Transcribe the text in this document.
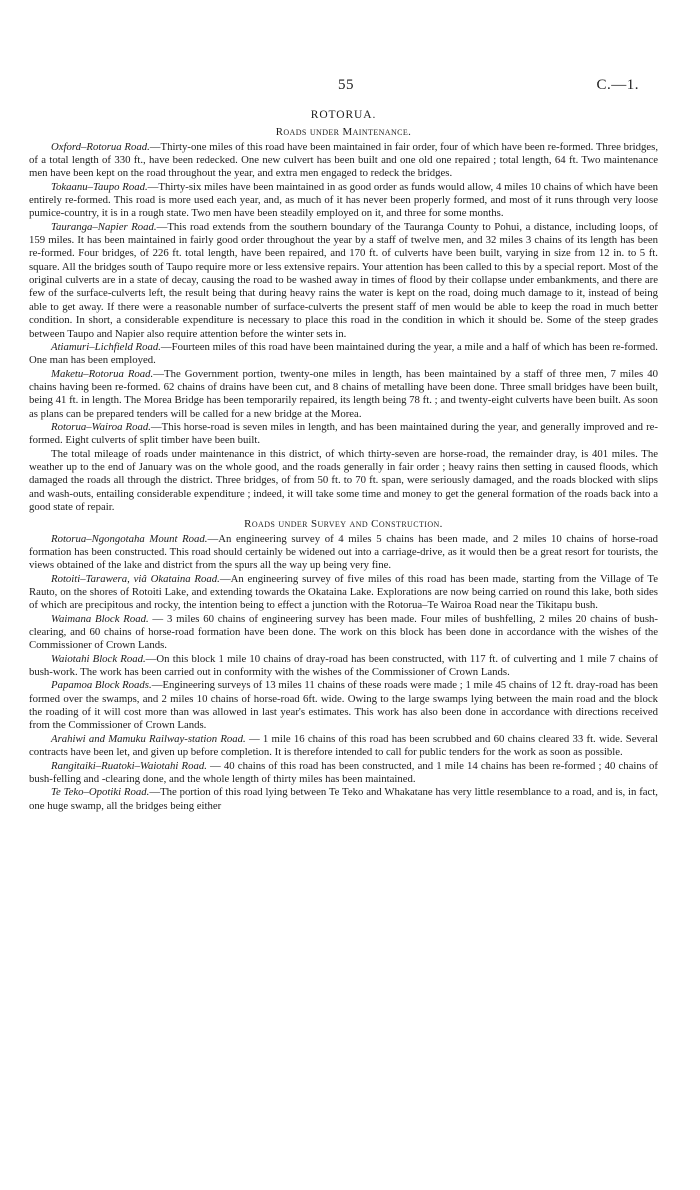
55	C.—1.
ROTORUA.
Roads under Maintenance.

Oxford–Rotorua Road.—Thirty-one miles of this road have been maintained in fair order, four of which have been re-formed. Three bridges, of a total length of 330 ft., have been redecked. One new culvert has been built and one old one repaired ; total length, 64 ft. Two maintenance men have been kept on the road throughout the year, and extra men engaged to redeck the bridges.

Tokaanu–Taupo Road.—Thirty-six miles have been maintained in as good order as funds would allow, 4 miles 10 chains of which have been entirely re-formed. This road is more used each year, and, as much of it has never been properly formed, and most of it runs through very loose pumice-country, it is in a rough state. Two men have been steadily employed on it, and three for some months.

Tauranga–Napier Road.—This road extends from the southern boundary of the Tauranga County to Pohui, a distance, including loops, of 159 miles. It has been maintained in fairly good order throughout the year by a staff of twelve men, and 32 miles 3 chains of its length has been re-formed. Four bridges, of 226 ft. total length, have been repaired, and 170 ft. of culverts have been built, varying in size from 12 in. to 5 ft. square. All the bridges south of Taupo require more or less extensive repairs. Your attention has been called to this by a special report. Most of the original culverts are in a state of decay, causing the road to be washed away in times of flood by their collapse under embankments, and there are few of the surface-culverts left, the result being that during heavy rains the water is kept on the road, doing much damage to it, instead of being able to get away. If there were a reasonable number of surface-culverts the present staff of men would be able to keep the road in much better condition. In short, a considerable expenditure is necessary to place this road in the condition in which it should be. Some of the steep grades between Taupo and Napier also require attention before the winter sets in.

Atiamuri–Lichfield Road.—Fourteen miles of this road have been maintained during the year, a mile and a half of which has been re-formed. One man has been employed.

Maketu–Rotorua Road.—The Government portion, twenty-one miles in length, has been maintained by a staff of three men, 7 miles 40 chains having been re-formed. 62 chains of drains have been cut, and 8 chains of metalling have been done. Three small bridges have been built, being 41 ft. in length. The Morea Bridge has been temporarily repaired, its length being 78 ft. ; and twenty-eight culverts have been built. As soon as plans can be prepared tenders will be called for a new bridge at the Morea.

Rotorua–Wairoa Road.—This horse-road is seven miles in length, and has been maintained during the year, and generally improved and re-formed. Eight culverts of split timber have been built.

The total mileage of roads under maintenance in this district, of which thirty-seven are horse-road, the remainder dray, is 401 miles. The weather up to the end of January was on the whole good, and the roads generally in fair order ; heavy rains then setting in caused floods, which damaged the roads all through the district. Three bridges, of from 50 ft. to 70 ft. span, were seriously damaged, and the roads blocked with slips and wash-outs, entailing considerable expenditure ; indeed, it will take some time and money to get the general formation of the roads back into a good state of repair.

Roads under Survey and Construction.

Rotorua–Ngongotaha Mount Road.—An engineering survey of 4 miles 5 chains has been made, and 2 miles 10 chains of horse-road formation has been constructed. This road should certainly be widened out into a carriage-drive, as it would then be a great resort for tourists, the views obtained of the lake and district from the spurs all the way up being very fine.

Rotoiti–Tarawera, viâ Okataina Road.—An engineering survey of five miles of this road has been made, starting from the Village of Te Rauto, on the shores of Rotoiti Lake, and extending towards the Okataina Lake. Explorations are now being carried on round this lake, both sides of which are precipitous and rocky, the intention being to effect a junction with the Rotorua–Te Wairoa Road near the Tikitapu bush.

Waimana Block Road. — 3 miles 60 chains of engineering survey has been made. Four miles of bushfelling, 2 miles 20 chains of bush-clearing, and 60 chains of horse-road formation have been done. The work on this block has been done in accordance with the wishes of the Commissioner of Crown Lands.

Waiotahi Block Road.—On this block 1 mile 10 chains of dray-road has been constructed, with 117 ft. of culverting and 1 mile 7 chains of bush-work. The work has been carried out in conformity with the wishes of the Commissioner of Crown Lands.

Papamoa Block Roads.—Engineering surveys of 13 miles 11 chains of these roads were made ; 1 mile 45 chains of 12 ft. dray-road has been formed over the swamps, and 2 miles 10 chains of horse-road 6ft. wide. Owing to the large swamps lying between the main road and the block the roading of it will cost more than was allowed in last year's estimates. This work has also been done in accordance with directions received from the Commissioner of Crown Lands.

Arahiwi and Mamuku Railway-station Road. — 1 mile 16 chains of this road has been scrubbed and 60 chains cleared 33 ft. wide. Several contracts have been let, and given up before completion. It is therefore intended to call for public tenders for the work as soon as possible.

Rangitaiki–Ruatoki–Waiotahi Road. — 40 chains of this road has been constructed, and 1 mile 14 chains has been re-formed ; 40 chains of bush-felling and -clearing done, and the whole length of thirty miles has been maintained.

Te Teko–Opotiki Road.—The portion of this road lying between Te Teko and Whakatane has very little resemblance to a road, and is, in fact, one huge swamp, all the bridges being either
